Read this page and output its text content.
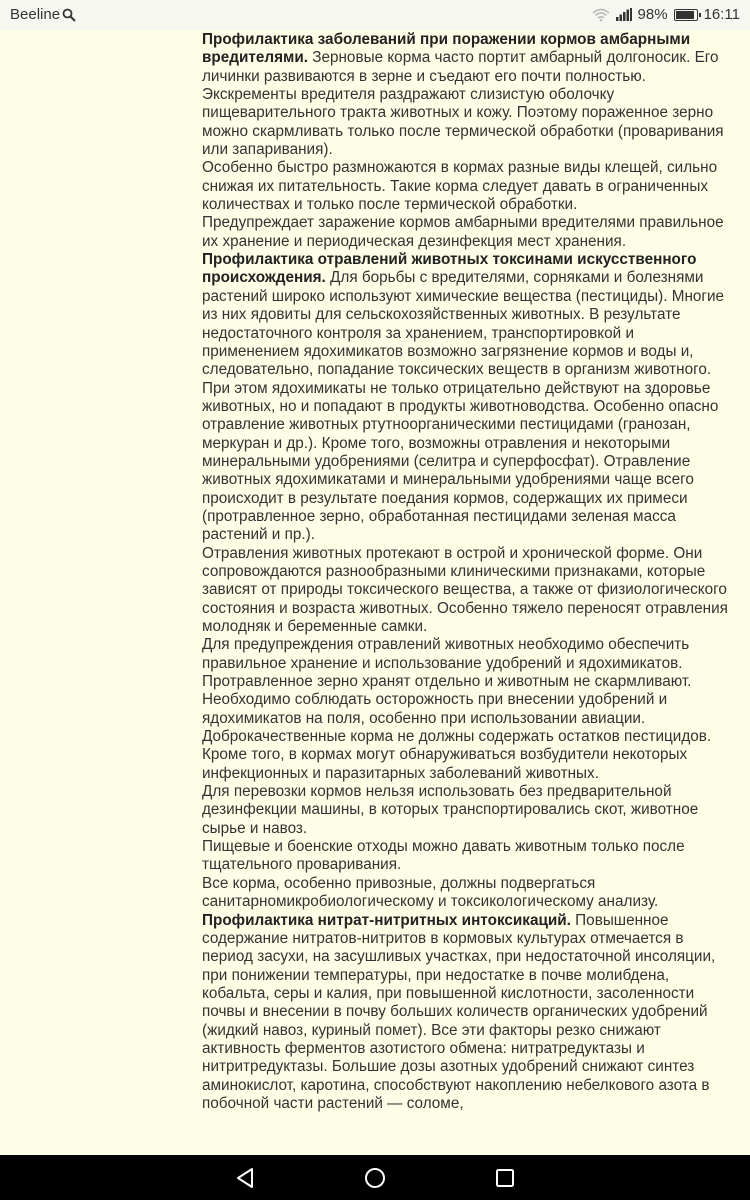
Beeline	98% 16:11

Профилактика заболеваний при поражении кормов амбарными вредителями. Зерновые корма часто портит амбарный долгоносик. Его личинки развиваются в зерне и съедают его почти полностью. Экскременты вредителя раздражают слизистую оболочку пищеварительного тракта животных и кожу. Поэтому пораженное зерно можно скармливать только после термической обработки (проваривания или запаривания).

Особенно быстро размножаются в кормах разные виды клещей, сильно снижая их питательность. Такие корма следует давать в ограниченных количествах и только после термической обработки.

Предупреждает заражение кормов амбарными вредителями правильное их хранение и периодическая дезинфекция мест хранения.

Профилактика отравлений животных токсинами искусственного происхождения. Для борьбы с вредителями, сорняками и болезнями растений широко используют химические вещества (пестициды). Многие из них ядовиты для сельскохозяйственных животных. В результате недостаточного контроля за хранением, транспортировкой и применением ядохимикатов возможно загрязнение кормов и воды и, следовательно, попадание токсических веществ в организм животного. При этом ядохимикаты не только отрицательно действуют на здоровье животных, но и попадают в продукты животноводства. Особенно опасно отравление животных ртутноорганическими пестицидами (гранозан, меркуран и др.). Кроме того, возможны отравления и некоторыми минеральными удобрениями (селитра и суперфосфат). Отравление животных ядохимикатами и минеральными удобрениями чаще всего происходит в результате поедания кормов, содержащих их примеси (протравленное зерно, обработанная пестицидами зеленая масса растений и пр.).

Отравления животных протекают в острой и хронической форме. Они сопровождаются разнообразными клиническими признаками, которые зависят от природы токсического вещества, а также от физиологического состояния и возраста животных. Особенно тяжело переносят отравления молодняк и беременные самки.

Для предупреждения отравлений животных необходимо обеспечить правильное хранение и использование удобрений и ядохимикатов. Протравленное зерно хранят отдельно и животным не скармливают. Необходимо соблюдать осторожность при внесении удобрений и ядохимикатов на поля, особенно при использовании авиации.

Доброкачественные корма не должны содержать остатков пестицидов. Кроме того, в кормах могут обнаруживаться возбудители некоторых инфекционных и паразитарных заболеваний животных.

Для перевозки кормов нельзя использовать без предварительной дезинфекции машины, в которых транспортировались скот, животное сырье и навоз.

Пищевые и боенские отходы можно давать животным только после тщательного проваривания.

Все корма, особенно привозные, должны подвергаться санитарномикробиологическому и токсикологическому анализу.

Профилактика нитрат-нитритных интоксикаций. Повышенное содержание нитратов-нитритов в кормовых культурах отмечается в период засухи, на засушливых участках, при недостаточной инсоляции, при понижении температуры, при недостатке в почве молибдена, кобальта, серы и калия, при повышенной кислотности, засоленности почвы и внесении в почву больших количеств органических удобрений (жидкий навоз, куриный помет). Все эти факторы резко снижают активность ферментов азотистого обмена: нитратредуктазы и нитритредуктазы. Большие дозы азотных удобрений снижают синтез аминокислот, каротина, способствуют накоплению небелкового азота в побочной части растений — соломе,
